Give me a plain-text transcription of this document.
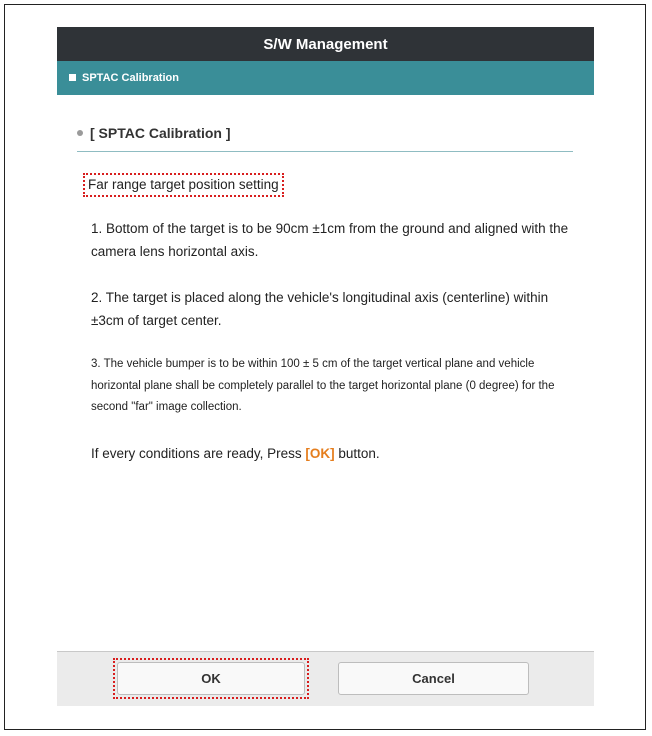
S/W Management
SPTAC Calibration
[ SPTAC Calibration ]
Far range target position setting
1. Bottom of the target is to be 90cm ±1cm from the ground and aligned with the camera lens horizontal axis.
2. The target is placed along the vehicle's longitudinal axis (centerline) within ±3cm of target center.
3. The vehicle bumper is to be within 100 ± 5 cm of the target vertical plane and vehicle horizontal plane shall be completely parallel to the target horizontal plane (0 degree) for the second "far" image collection.
If every conditions are ready, Press [OK] button.
OK	Cancel
